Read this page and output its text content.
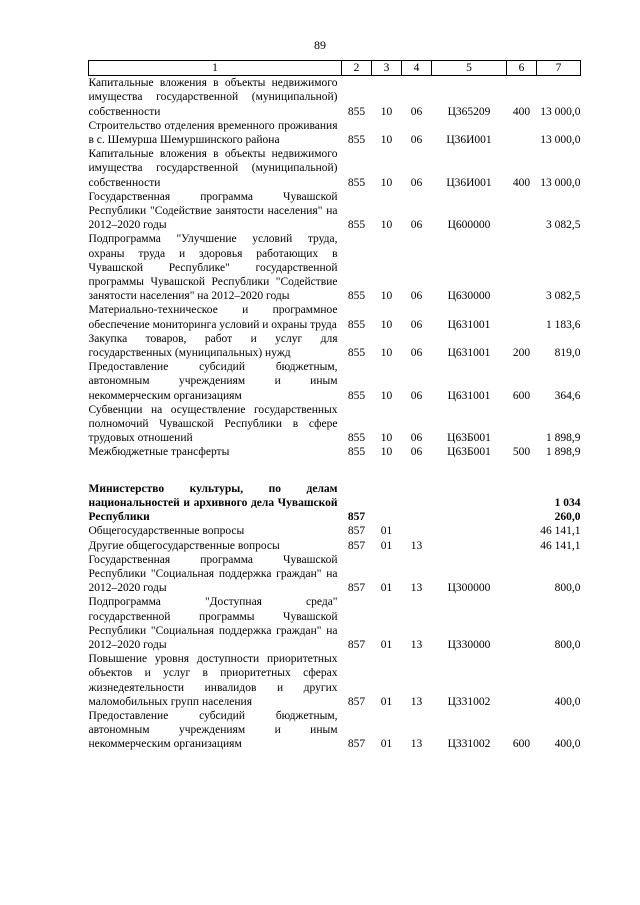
89
1	2	3	4	5	6	7
Капитальные вложения в объекты недвижимого имущества государственной (муниципальной) собственности	855	10	06	Ц365209	400	13 000,0
Строительство отделения временного проживания в с. Шемурша Шемуршинского района	855	10	06	Ц36И001		13 000,0
Капитальные вложения в объекты недвижимого имущества государственной (муниципальной) собственности	855	10	06	Ц36И001	400	13 000,0
Государственная программа Чувашской Республики "Содействие занятости населения" на 2012–2020 годы	855	10	06	Ц600000		3 082,5
Подпрограмма "Улучшение условий труда, охраны труда и здоровья работающих в Чувашской Республике" государственной программы Чувашской Республики "Содействие занятости населения" на 2012–2020 годы	855	10	06	Ц630000		3 082,5
Материально-техническое и программное обеспечение мониторинга условий и охраны труда	855	10	06	Ц631001		1 183,6
Закупка товаров, работ и услуг для государственных (муниципальных) нужд	855	10	06	Ц631001	200	819,0
Предоставление субсидий бюджетным, автономным учреждениям и иным некоммерческим организациям	855	10	06	Ц631001	600	364,6
Субвенции на осуществление государственных полномочий Чувашской Республики в сфере трудовых отношений	855	10	06	Ц63Б001		1 898,9
Межбюджетные трансферты	855	10	06	Ц63Б001	500	1 898,9

Министерство культуры, по делам национальностей и архивного дела Чувашской Республики	857					1 034 260,0
Общегосударственные вопросы	857	01				46 141,1
Другие общегосударственные вопросы	857	01	13			46 141,1
Государственная программа Чувашской Республики "Социальная поддержка граждан" на 2012–2020 годы	857	01	13	Ц300000		800,0
Подпрограмма "Доступная среда" государственной программы Чувашской Республики "Социальная поддержка граждан" на 2012–2020 годы	857	01	13	Ц330000		800,0
Повышение уровня доступности приоритетных объектов и услуг в приоритетных сферах жизнедеятельности инвалидов и других маломобильных групп населения	857	01	13	Ц331002		400,0
Предоставление субсидий бюджетным, автономным учреждениям и иным некоммерческим организациям	857	01	13	Ц331002	600	400,0
